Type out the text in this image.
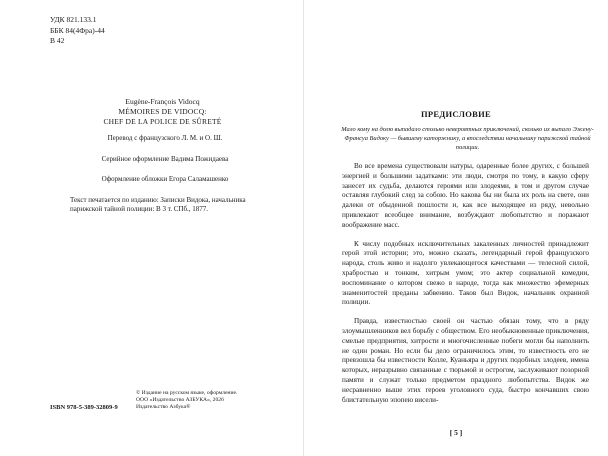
УДК 821.133.1
ББК 84(4Фра)-44
В 42
Eugène-François Vidocq
MÉMOIRES DE VIDOCQ:
CHEF DE LA POLICE DE SÛRETÉ

Перевод с французского Л. М. и О. Ш.

Серийное оформление Вадима Пожидаева

Оформление обложки Егора Саламашенко

Текст печатается по изданию: Записки Видока, начальника парижской тайной полиции: В 3 т. СПб., 1877.

© Издание на русском языке, оформление.
ООО «Издательство АЗБУКА», 2026
Издательство Азбука®
ISBN 978-5-389-32809-9
ПРЕДИСЛОВИЕ
Мало кому на долю выпадало столько невероятных приключений, сколько их выпало Эжену-Франсуа Видоку — бывшему каторжнику, а впоследствии начальнику парижской тайной полиции.

Во все времена существовали натуры, одаренные более других, с большей энергией и большими задатками: эти люди, смотря по тому, в какую сферу занесет их судьба, делаются героями или злодеями, в том и другом случае оставляя глубокий след за собою. Но какова бы ни была их роль на свете, они далеки от обыденной пошлости и, как все выходящее из ряду, невольно привлекают всеобщее внимание, возбуждают любопытство и поражают воображение масс.

К числу подобных исключительных закаленных личностей принадлежит герой этой истории; это, можно сказать, легендарный герой французского народа, столь живо и надолго увлекающегося качествами — телесной силой, храбростью и тонким, хитрым умом; это актер социальной комедии, воспоминание о котором свежо в народе, тогда как множество эфемерных знаменитостей преданы забвению. Таков был Видок, начальник охранной полиции.

Правда, известностью своей он частью обязан тому, что в ряду злоумышленников вел борьбу с обществом. Его необыкновенные приключения, смелые предприятия, хитрости и многочисленные побеги могли бы наполнить не один роман. Но если бы дело ограничилось этим, то известность его не превзошла бы известности Колле, Куаньяра и других подобных злодеев, имена которых, неразрывно связанные с тюрьмой и острогом, заслуживают позорной памяти и служат только предметом праздного любопытства. Видок же несравненно выше этих героев уголовного суда, быстро кончавших свою блистательную эпопею висели-

[ 5 ]
